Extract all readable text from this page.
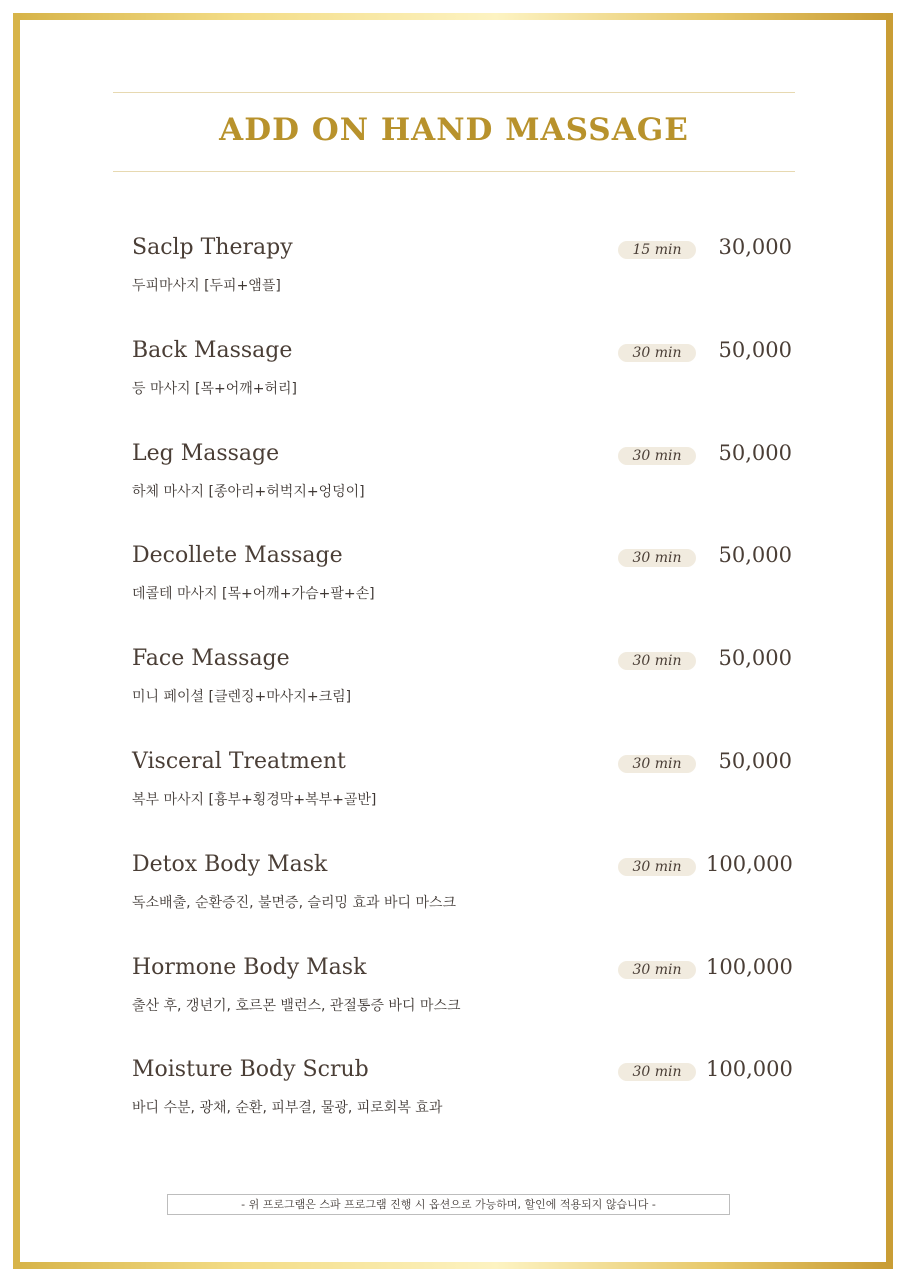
ADD ON HAND MASSAGE
Saclp Therapy	15 min	30,000
두피마사지 [두피+앰플]
Back Massage	30 min	50,000
등 마사지 [목+어깨+허리]
Leg Massage	30 min	50,000
하체 마사지 [종아리+허벅지+엉덩이]
Decollete Massage	30 min	50,000
데콜테 마사지 [목+어깨+가슴+팔+손]
Face Massage	30 min	50,000
미니 페이셜 [클렌징+마사지+크림]
Visceral Treatment	30 min	50,000
복부 마사지 [흉부+횡경막+복부+골반]
Detox Body Mask	30 min	100,000
독소배출, 순환증진, 불면증, 슬리밍 효과 바디 마스크
Hormone Body Mask	30 min	100,000
출산 후, 갱년기, 호르몬 밸런스, 관절통증 바디 마스크
Moisture Body Scrub	30 min	100,000
바디 수분, 광채, 순환, 피부결, 물광, 피로회복 효과
- 위 프로그램은 스파 프로그램 진행 시 옵션으로 가능하며, 할인에 적용되지 않습니다 -
